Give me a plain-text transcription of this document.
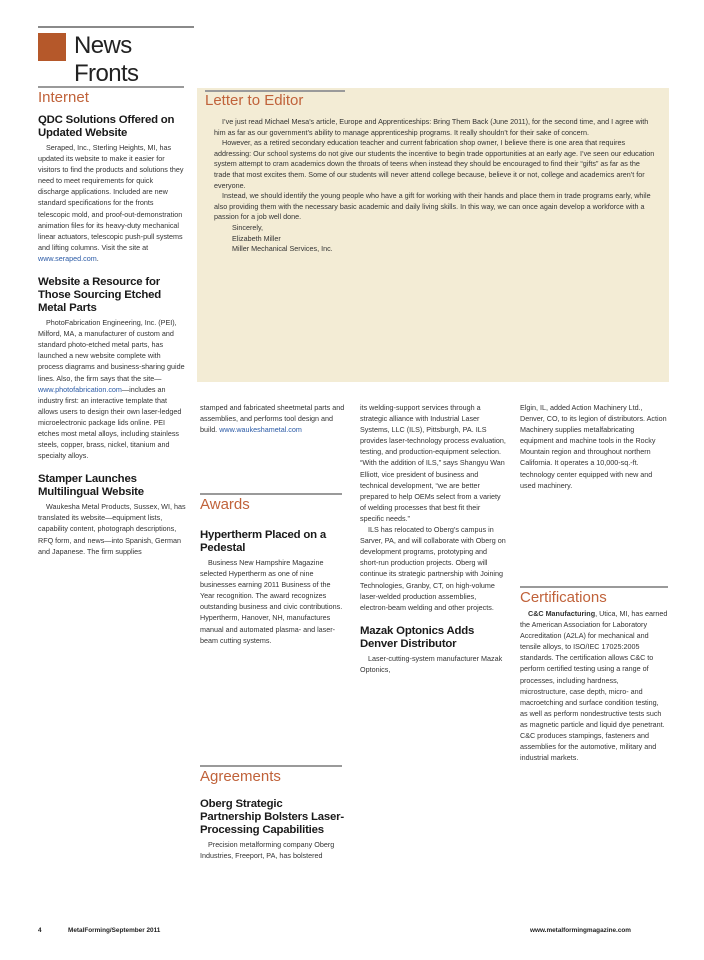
News Fronts
Internet
Awards
Agreements
Certifications
Letter to Editor

I’ve just read Michael Mesa’s article, Europe and Apprenticeships: Bring Them Back (June 2011), for the second time, and I agree with him as far as our government’s ability to manage apprenticeship programs. It really shouldn’t for their sake of concern.

However, as a retired secondary education teacher and current fabrication shop owner, I believe there is one area that requires addressing: Our school systems do not give our students the incentive to begin trade opportunities at an early age. I’ve seen our education system attempt to cram academics down the throats of teens when instead they should be encouraged to find their “gifts” as far as the trade that most excites them. Some of our students will never attend college because, believe it or not, college and academics aren’t for everyone.

Instead, we should identify the young people who have a gift for working with their hands and place them in trade programs early, while also providing them with the necessary basic academic and daily living skills. In this way, we can once again develop a workforce with a passion for a job well done.

Sincerely,

Elizabeth Miller

Miller Mechanical Services, Inc.

QDC Solutions Offered on Updated Website

Seraped, Inc., Sterling Heights, MI, has updated its website to make it easier for visitors to find the products and solutions they need to meet requirements for quick discharge applications. Included are new standard specifications for the fronts telescopic mold, and proof-out-demonstration animation files for its heavy-duty mechanical linear actuators, telescopic push-pull systems and lifting columns. Visit the site at www.seraped.com.

Website a Resource for Those Sourcing Etched Metal Parts

PhotoFabrication Engineering, Inc. (PEI), Milford, MA, a manufacturer of custom and standard photo-etched metal parts, has launched a new website complete with process diagrams and business-sharing guide lines. Also, the firm says that the site—www.photofabrication.com—includes an industry first: an interactive template that allows users to design their own laser-ledged microelectronic package lids online. PEI etches most metal alloys, including stainless steels, copper, brass, nickel, titanium and specialty alloys.

Stamper Launches Multilingual Website

Waukesha Metal Products, Sussex, WI, has translated its website—equipment lists, capability content, photograph descriptions, RFQ form, and news—into Spanish, German and Japanese. The firm supplies

stamped and fabricated sheetmetal parts and assemblies, and performs tool design and build. www.waukeshametal.com

Hypertherm Placed on a Pedestal

Business New Hampshire Magazine selected Hypertherm as one of nine businesses earning 2011 Business of the Year recognition. The award recognizes outstanding business and civic contributions. Hypertherm, Hanover, NH, manufactures manual and automated plasma- and laser-beam cutting systems.

Oberg Strategic Partnership Bolsters Laser-Processing Capabilities

Precision metalforming company Oberg Industries, Freeport, PA, has bolstered

its welding-support services through a strategic alliance with Industrial Laser Systems, LLC (ILS), Pittsburgh, PA. ILS provides laser-technology process evaluation, testing, and production-equipment selection. “With the addition of ILS,” says Shangyu Wan Elliott, vice president of business and technical development, “we are better prepared to help OEMs select from a variety of welding processes that best fit their specific needs.”

ILS has relocated to Oberg’s campus in Sarver, PA, and will collaborate with Oberg on development programs, prototyping and short-run production projects. Oberg will continue its strategic partnership with Joining Technologies, Granby, CT, on high-volume laser-welded production assemblies, electron-beam welding and other projects.

Mazak Optonics Adds Denver Distributor

Laser-cutting-system manufacturer Mazak Optonics,

Elgin, IL, added Action Machinery Ltd., Denver, CO, to its legion of distributors. Action Machinery supplies metalfabricating equipment and machine tools in the Rocky Mountain region and throughout northern California. It operates a 10,000-sq.-ft. technology center equipped with new and used machinery.

C&C Manufacturing, Utica, MI, has earned the American Association for Laboratory Accreditation (A2LA) for mechanical and tensile alloys, to ISO/IEC 17025:2005 standards. The certification allows C&C to perform certified testing using a range of processes, including hardness, microstructure, case depth, micro- and macroetching and surface condition testing, as well as perform nondestructive tests such as magnetic particle and liquid dye penetrant. C&C produces stampings, fasteners and assemblies for the automotive, military and industrial markets.

4	MetalForming/September 2011	www.metalformingmagazine.com
